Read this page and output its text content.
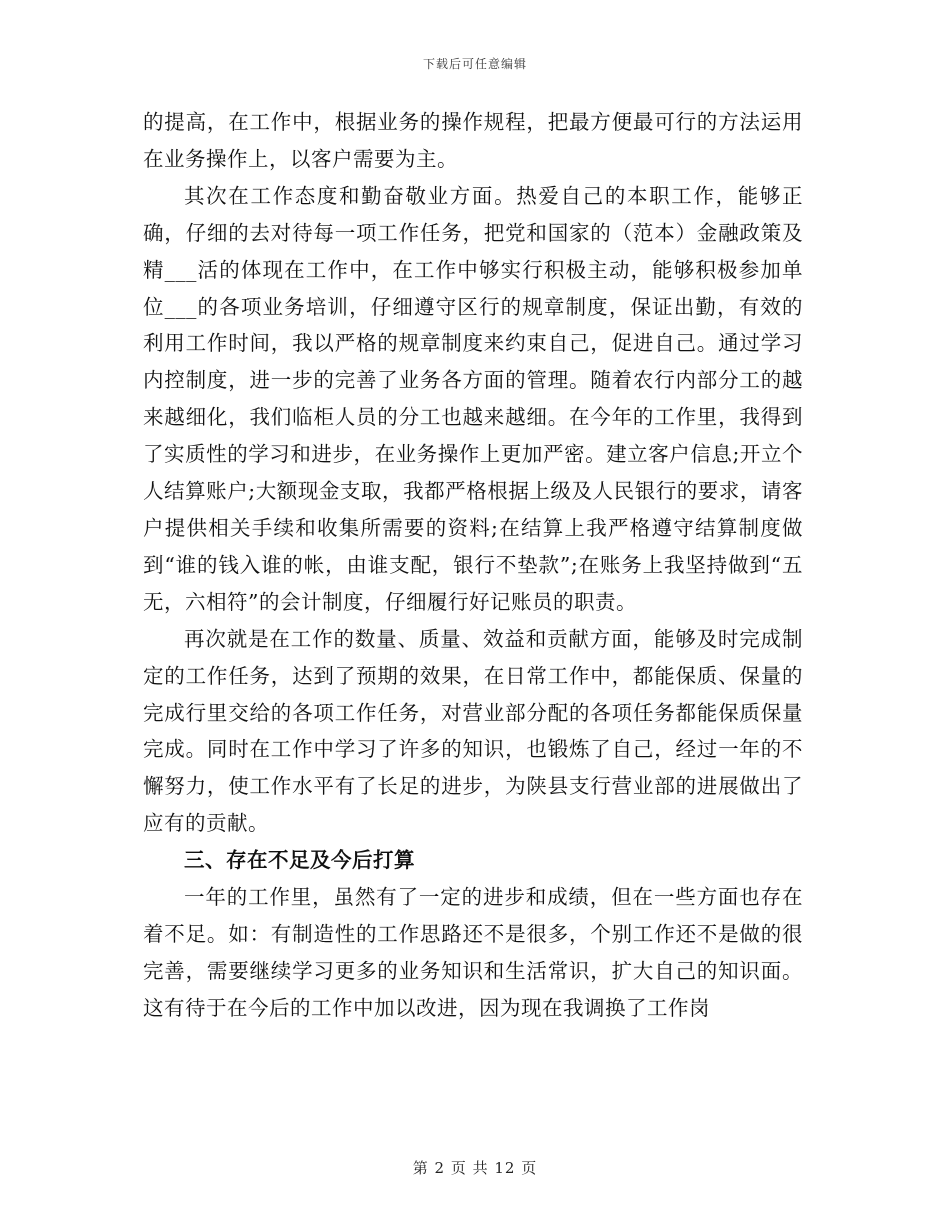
下载后可任意编辑

的提高，在工作中，根据业务的操作规程，把最方便最可行的方法运用在业务操作上，以客户需要为主。

其次在工作态度和勤奋敬业方面。热爱自己的本职工作，能够正确，仔细的去对待每一项工作任务，把党和国家的（范本）金融政策及精___活的体现在工作中，在工作中够实行积极主动，能够积极参加单位___的各项业务培训，仔细遵守区行的规章制度，保证出勤，有效的利用工作时间，我以严格的规章制度来约束自己，促进自己。通过学习内控制度，进一步的完善了业务各方面的管理。随着农行内部分工的越来越细化，我们临柜人员的分工也越来越细。在今年的工作里，我得到了实质性的学习和进步，在业务操作上更加严密。建立客户信息;开立个人结算账户;大额现金支取，我都严格根据上级及人民银行的要求，请客户提供相关手续和收集所需要的资料;在结算上我严格遵守结算制度做到“谁的钱入谁的帐，由谁支配，银行不垫款”;在账务上我坚持做到“五无，六相符”的会计制度，仔细履行好记账员的职责。

再次就是在工作的数量、质量、效益和贡献方面，能够及时完成制定的工作任务，达到了预期的效果，在日常工作中，都能保质、保量的完成行里交给的各项工作任务，对营业部分配的各项任务都能保质保量完成。同时在工作中学习了许多的知识，也锻炼了自己，经过一年的不懈努力，使工作水平有了长足的进步，为陕县支行营业部的进展做出了应有的贡献。

三、存在不足及今后打算

一年的工作里，虽然有了一定的进步和成绩，但在一些方面也存在着不足。如：有制造性的工作思路还不是很多，个别工作还不是做的很完善，需要继续学习更多的业务知识和生活常识，扩大自己的知识面。这有待于在今后的工作中加以改进，因为现在我调换了工作岗

第 2 页 共 12 页
